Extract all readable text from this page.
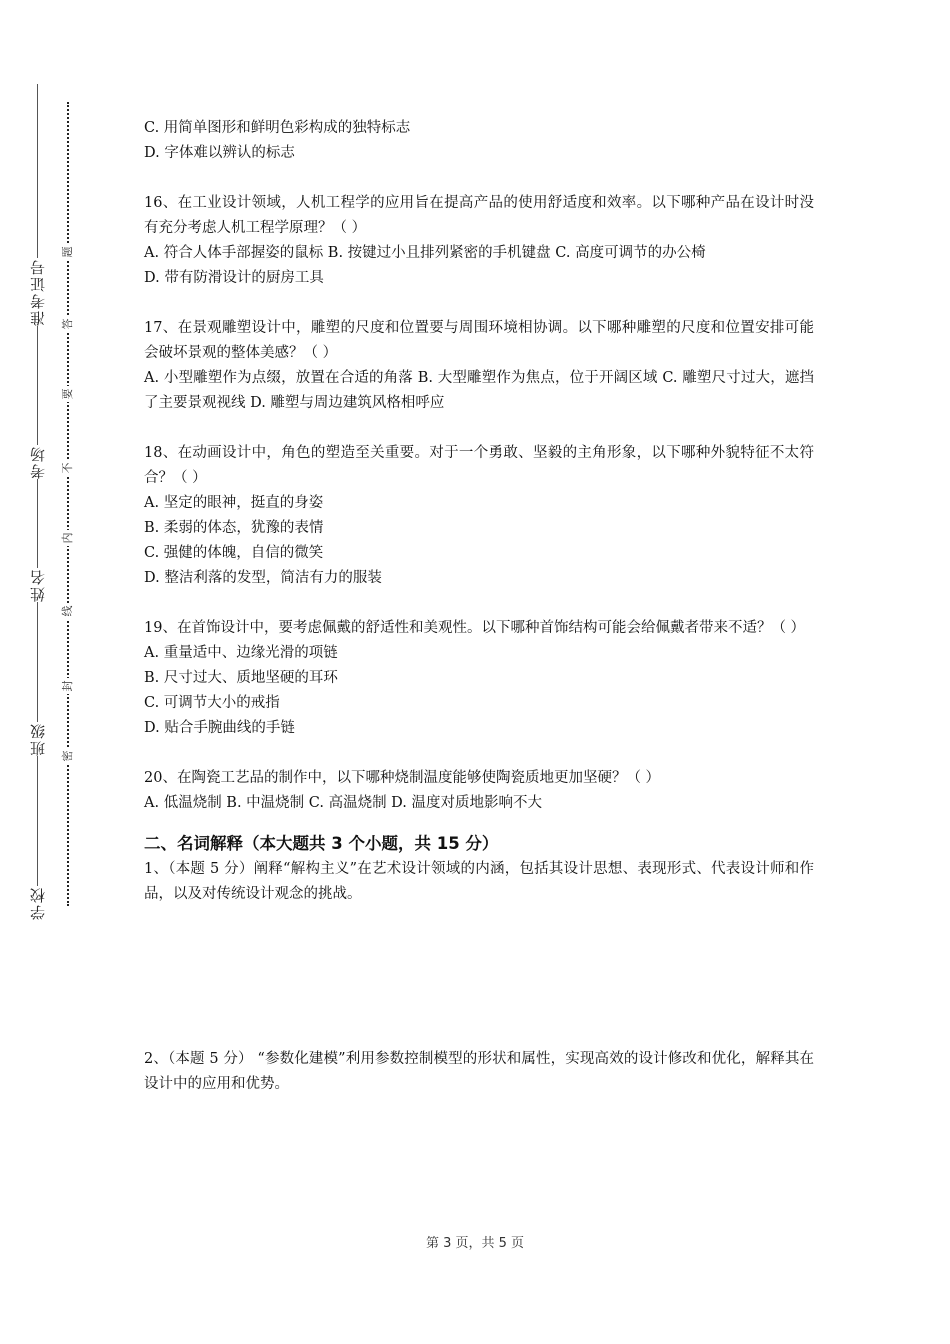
准考证号
考场
姓名
班级
学校
题
答
要
不
内
线
封
密
C. 用简单图形和鲜明色彩构成的独特标志
D. 字体难以辨认的标志
16、在工业设计领域，人机工程学的应用旨在提高产品的使用舒适度和效率。以下哪种产品在设计时没有充分考虑人机工程学原理？（ ）
A. 符合人体手部握姿的鼠标 B. 按键过小且排列紧密的手机键盘 C. 高度可调节的办公椅
D. 带有防滑设计的厨房工具
17、在景观雕塑设计中，雕塑的尺度和位置要与周围环境相协调。以下哪种雕塑的尺度和位置安排可能会破坏景观的整体美感？（ ）
A. 小型雕塑作为点缀，放置在合适的角落 B. 大型雕塑作为焦点，位于开阔区域 C. 雕塑尺寸过大，遮挡了主要景观视线 D. 雕塑与周边建筑风格相呼应
18、在动画设计中，角色的塑造至关重要。对于一个勇敢、坚毅的主角形象，以下哪种外貌特征不太符合？（ ）
A. 坚定的眼神，挺直的身姿
B. 柔弱的体态，犹豫的表情
C. 强健的体魄，自信的微笑
D. 整洁利落的发型，简洁有力的服装
19、在首饰设计中，要考虑佩戴的舒适性和美观性。以下哪种首饰结构可能会给佩戴者带来不适？（ ）
A. 重量适中、边缘光滑的项链
B. 尺寸过大、质地坚硬的耳环
C. 可调节大小的戒指
D. 贴合手腕曲线的手链
20、在陶瓷工艺品的制作中，以下哪种烧制温度能够使陶瓷质地更加坚硬？（ ）
A. 低温烧制 B. 中温烧制 C. 高温烧制 D. 温度对质地影响不大
二、名词解释（本大题共 3 个小题，共 15 分）
1、（本题 5 分）阐释“解构主义”在艺术设计领域的内涵，包括其设计思想、表现形式、代表设计师和作品，以及对传统设计观念的挑战。
2、（本题 5 分） “参数化建模”利用参数控制模型的形状和属性，实现高效的设计修改和优化，解释其在设计中的应用和优势。
第 3 页，共 5 页
